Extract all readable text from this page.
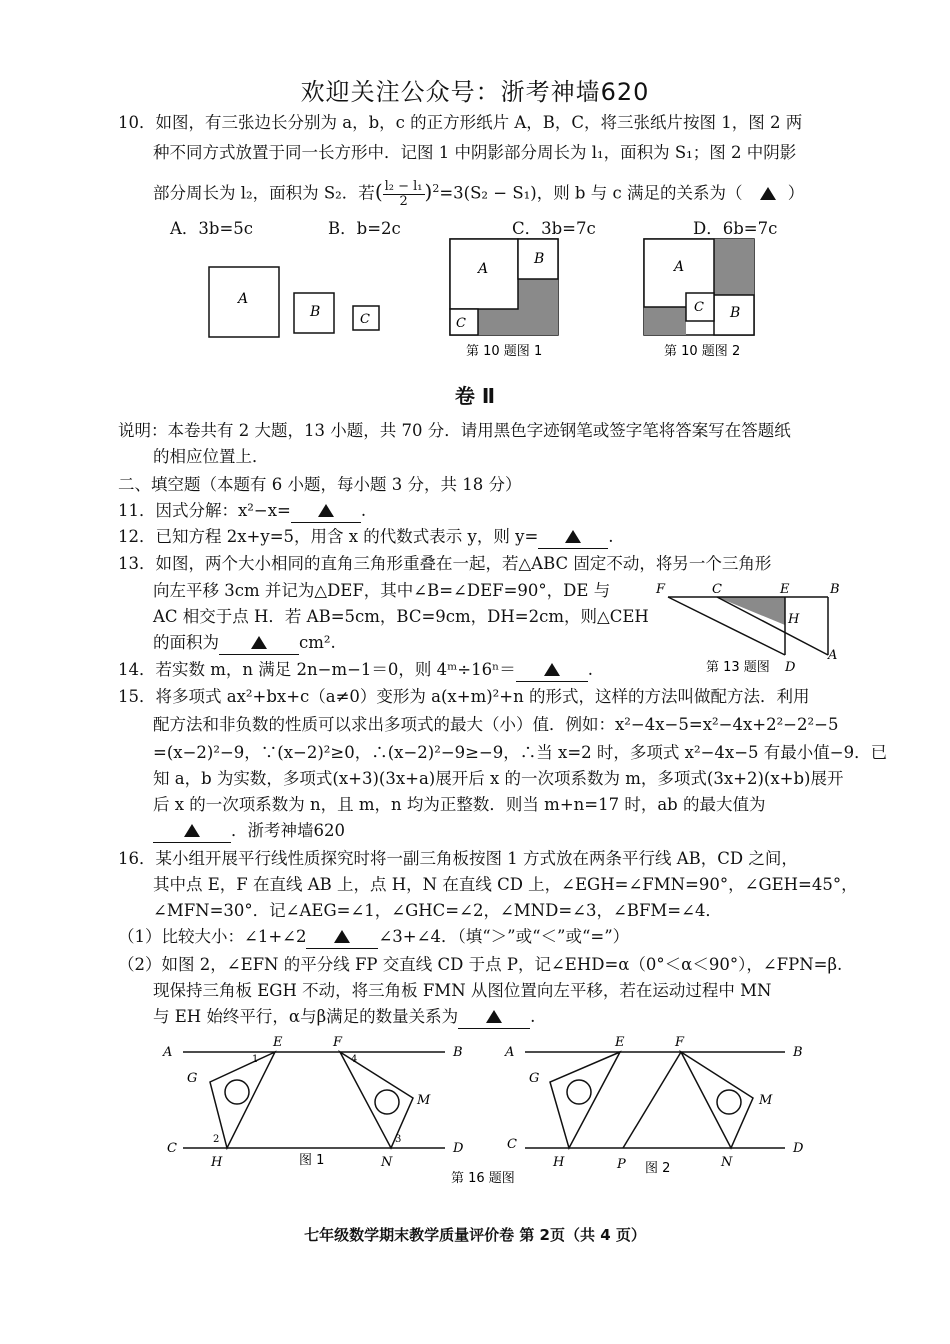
欢迎关注公众号：浙考神墙620
10．如图，有三张边长分别为 a，b，c 的正方形纸片 A，B，C，将三张纸片按图 1，图 2 两
种不同方式放置于同一长方形中．记图 1 中阴影部分周长为 l₁，面积为 S₁；图 2 中阴影
部分周长为 l₂，面积为 S₂．若( $\frac{\text{l₂ − l₁}}{2} )^2=3(S_2 - S_1)$，则 b 与 c 满足的关系为（	）
A．3b=5c	B．b=2c	C．3b=7c	D．6b=7c
A
B	C
A
B
C
第 10 题图 1
A
B
C
第 10 题图 2
卷 Ⅱ
说明：本卷共有 2 大题，13 小题，共 70 分．请用黑色字迹钢笔或签字笔将答案写在答题纸
的相应位置上．
二、填空题（本题有 6 小题，每小题 3 分，共 18 分）
11．因式分解：x²−x=	.
12．已知方程 2x+y=5，用含 x 的代数式表示 y，则 y=	.
13．如图，两个大小相同的直角三角形重叠在一起，若△ABC 固定不动，将另一个三角形
向左平移 3cm 并记为△DEF，其中∠B=∠DEF=90°，DE 与
AC 相交于点 H．若 AB=5cm，BC=9cm，DH=2cm，则△CEH
的面积为	cm².
F	C	E	B
H
D
A
第 13 题图
14．若实数 m，n 满足 2n−m−1＝0，则 4ᵐ÷16ⁿ＝	.
15．将多项式 ax²+bx+c（a≠0）变形为 a(x+m)²+n 的形式，这样的方法叫做配方法．利用
配方法和非负数的性质可以求出多项式的最大（小）值．例如：x²−4x−5=x²−4x+2²−2²−5
=(x−2)²−9，∵(x−2)²≥0，∴(x−2)²−9≥−9，∴当 x=2 时，多项式 x²−4x−5 有最小值−9．已
知 a，b 为实数，多项式(x+3)(3x+a)展开后 x 的一次项系数为 m，多项式(3x+2)(x+b)展开
后 x 的一次项系数为 n，且 m，n 均为正整数．则当 m+n=17 时，ab 的最大值为
．浙考神墙620
16．某小组开展平行线性质探究时将一副三角板按图 1 方式放在两条平行线 AB，CD 之间，
其中点 E，F 在直线 AB 上，点 H，N 在直线 CD 上，∠EGH=∠FMN=90°，∠GEH=45°，
∠MFN=30°．记∠AEG=∠1，∠GHC=∠2，∠MND=∠3，∠BFM=∠4．
（1）比较大小：∠1+∠2	∠3+∠4．（填“＞”或“＜”或“=”）
（2）如图 2，∠EFN 的平分线 FP 交直线 CD 于点 P，记∠EHD=α（0°＜α＜90°），∠FPN=β.
现保持三角板 EGH 不动，将三角板 FMN 从图位置向左平移，若在运动过程中 MN
与 EH 始终平行，α与β满足的数量关系为	.
A	B
C	D
E	F
G
H
M
N
1
2	3
4
图 1
A	B
C	D
E	F
G
H	P
M
N
图 2
第 16 题图
七年级数学期末教学质量评价卷 第 2页（共 4 页）
